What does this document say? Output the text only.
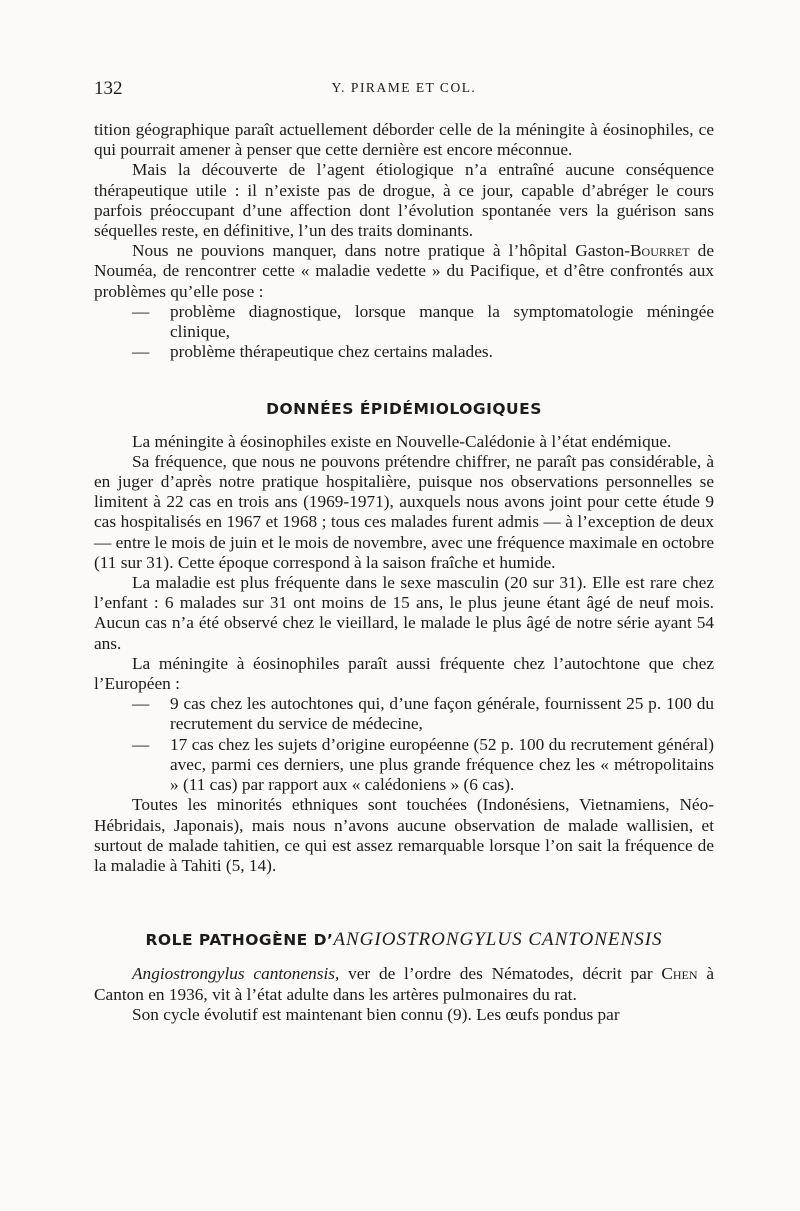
132	Y. PIRAME ET COL.

tition géographique paraît actuellement déborder celle de la méningite à éosinophiles, ce qui pourrait amener à penser que cette dernière est encore méconnue.

Mais la découverte de l’agent étiologique n’a entraîné aucune conséquence thérapeutique utile : il n’existe pas de drogue, à ce jour, capable d’abréger le cours parfois préoccupant d’une affection dont l’évolution spontanée vers la guérison sans séquelles reste, en définitive, l’un des traits dominants.

Nous ne pouvions manquer, dans notre pratique à l’hôpital Gaston-Bourret de Nouméa, de rencontrer cette « maladie vedette » du Pacifique, et d’être confrontés aux problèmes qu’elle pose :

—	problème diagnostique, lorsque manque la symptomatologie méningée clinique,
—	problème thérapeutique chez certains malades.
DONNÉES ÉPIDÉMIOLOGIQUES

La méningite à éosinophiles existe en Nouvelle-Calédonie à l’état endémique.

Sa fréquence, que nous ne pouvons prétendre chiffrer, ne paraît pas considérable, à en juger d’après notre pratique hospitalière, puisque nos observations personnelles se limitent à 22 cas en trois ans (1969-1971), auxquels nous avons joint pour cette étude 9 cas hospitalisés en 1967 et 1968 ; tous ces malades furent admis — à l’exception de deux — entre le mois de juin et le mois de novembre, avec une fréquence maximale en octobre (11 sur 31). Cette époque correspond à la saison fraîche et humide.

La maladie est plus fréquente dans le sexe masculin (20 sur 31). Elle est rare chez l’enfant : 6 malades sur 31 ont moins de 15 ans, le plus jeune étant âgé de neuf mois. Aucun cas n’a été observé chez le vieillard, le malade le plus âgé de notre série ayant 54 ans.

La méningite à éosinophiles paraît aussi fréquente chez l’autochtone que chez l’Européen :

—	9 cas chez les autochtones qui, d’une façon générale, fournissent 25 p. 100 du recrutement du service de médecine,
—	17 cas chez les sujets d’origine européenne (52 p. 100 du recrutement général) avec, parmi ces derniers, une plus grande fréquence chez les « métropolitains » (11 cas) par rapport aux « calédoniens » (6 cas).

Toutes les minorités ethniques sont touchées (Indonésiens, Vietnamiens, Néo-Hébridais, Japonais), mais nous n’avons aucune observation de malade wallisien, et surtout de malade tahitien, ce qui est assez remarquable lorsque l’on sait la fréquence de la maladie à Tahiti (5, 14).

ROLE PATHOGÈNE D’ANGIOSTRONGYLUS CANTONENSIS

Angiostrongylus cantonensis, ver de l’ordre des Nématodes, décrit par Chen à Canton en 1936, vit à l’état adulte dans les artères pulmonaires du rat.

Son cycle évolutif est maintenant bien connu (9). Les œufs pondus par
